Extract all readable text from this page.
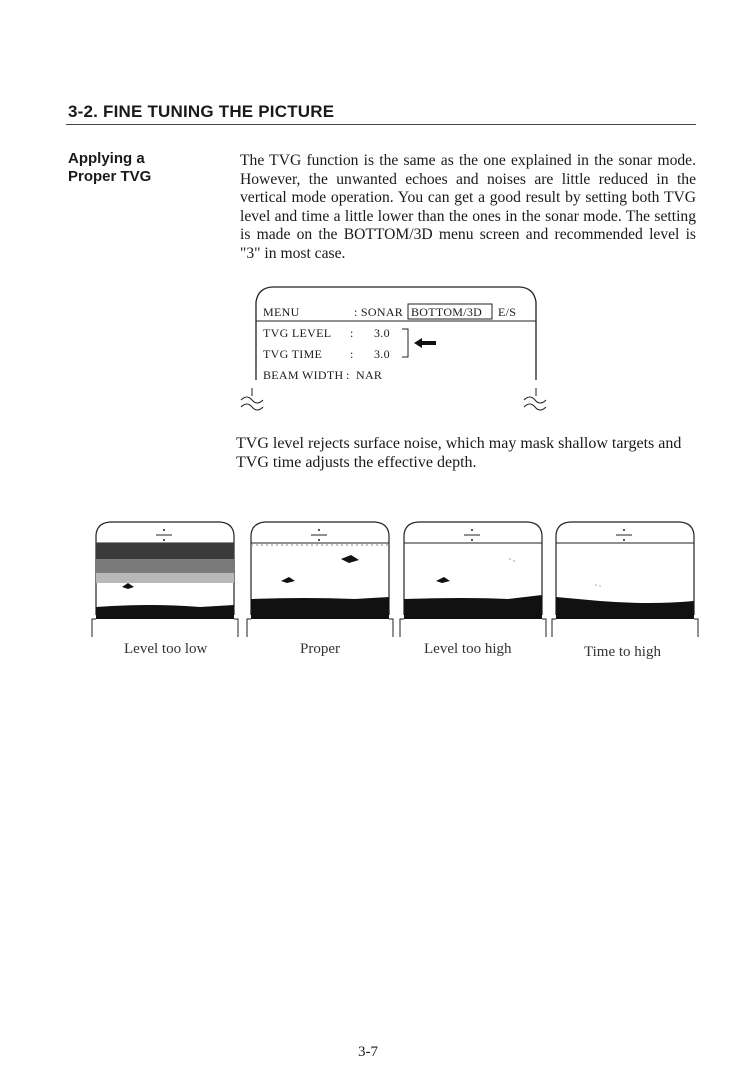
3-2. FINE TUNING THE PICTURE
Applying a
Proper TVG

The TVG function is the same as the one explained in the sonar mode. However, the unwanted echoes and noises are little reduced in the vertical mode operation. You can get a good result by setting both TVG level and time a little lower than the ones in the sonar mode. The setting is made on the BOTTOM/3D menu screen and recommended level is "3" in most case.

MENU	: SONAR BOTTOM/3D E/S
TVG LEVEL : 3.0
TVG TIME : 3.0
BEAM WIDTH : NAR

TVG level rejects surface noise, which may mask shallow targets and TVG time adjusts the effective depth.

Level too low	Proper	Level too high	Time to high
3-7
